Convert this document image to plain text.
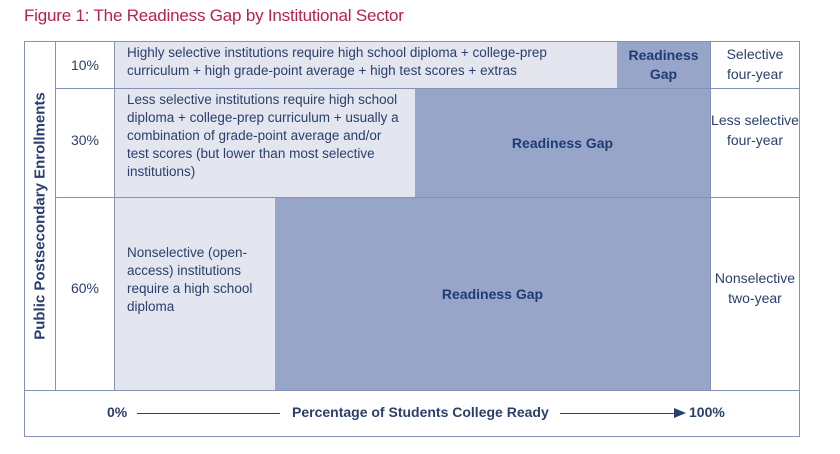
Figure 1: The Readiness Gap by Institutional Sector
Public Postsecondary Enrollments
10%
Highly selective institutions require high school diploma + college-prep curriculum + high grade-point average + high test scores + extras
Readiness Gap
Selective four-year
30%
Less selective institutions require high school diploma + college-prep curriculum + usually a combination of grade-point average and/or test scores (but lower than most selective institutions)
Readiness Gap
Less selective four-year
60%
Nonselective (open-access) institutions require a high school diploma
Readiness Gap
Nonselective two-year
0%	Percentage of Students College Ready	100%
